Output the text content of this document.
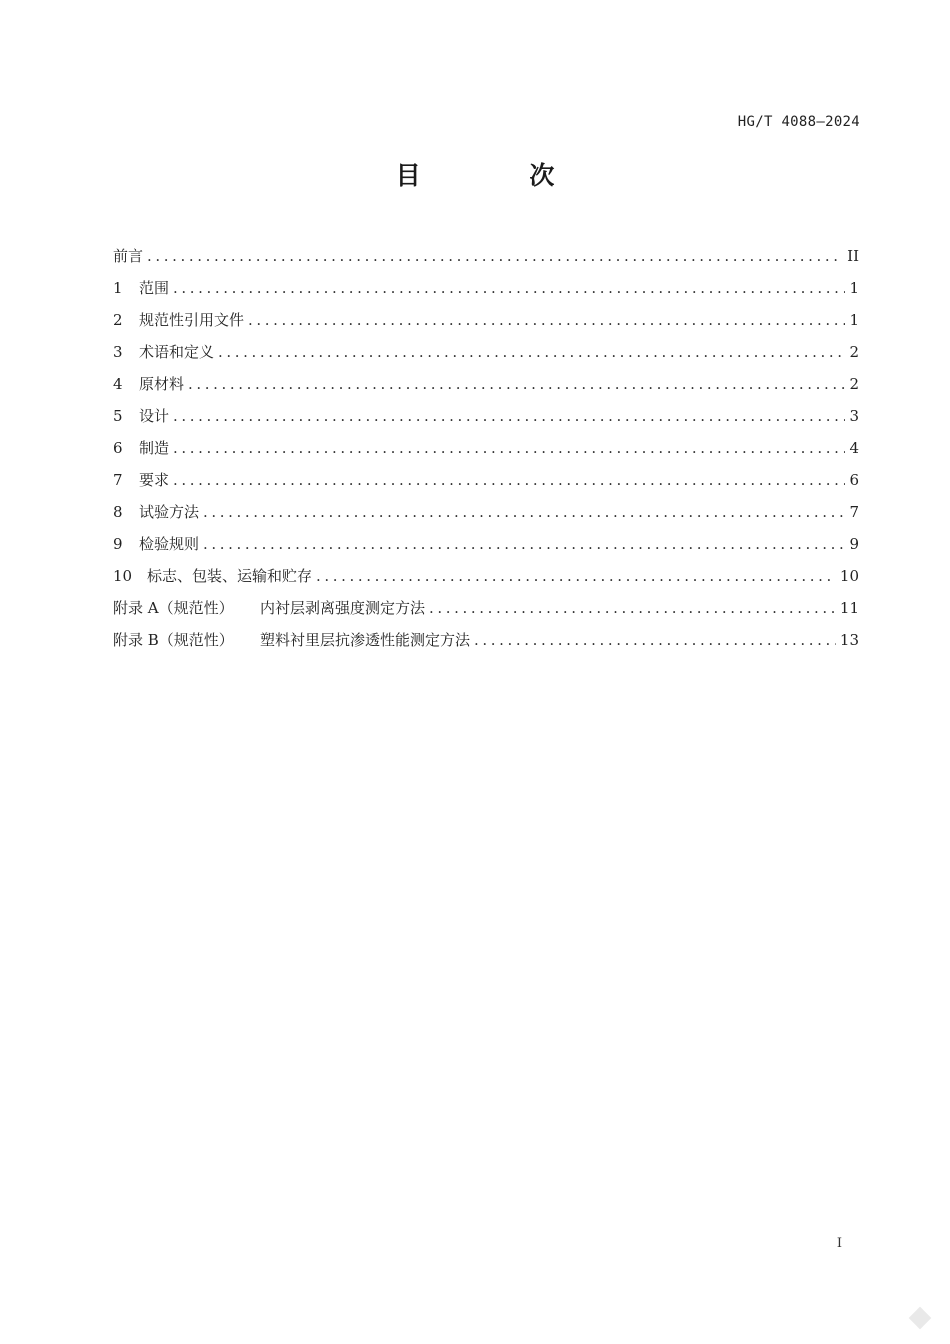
HG/T 4088—2024
目 次
前言 .....	II
1	范围 .....	1
2	规范性引用文件 .....	1
3	术语和定义 .....	2
4	原材料 .....	2
5	设计 .....	3
6	制造 .....	4
7	要求 .....	6
8	试验方法 .....	7
9	检验规则 .....	9
10 标志、包装、运输和贮存 .....	10
附录 A（规范性）	内衬层剥离强度测定方法 .....	11
附录 B（规范性）	塑料衬里层抗渗透性能测定方法 .....	13
I
